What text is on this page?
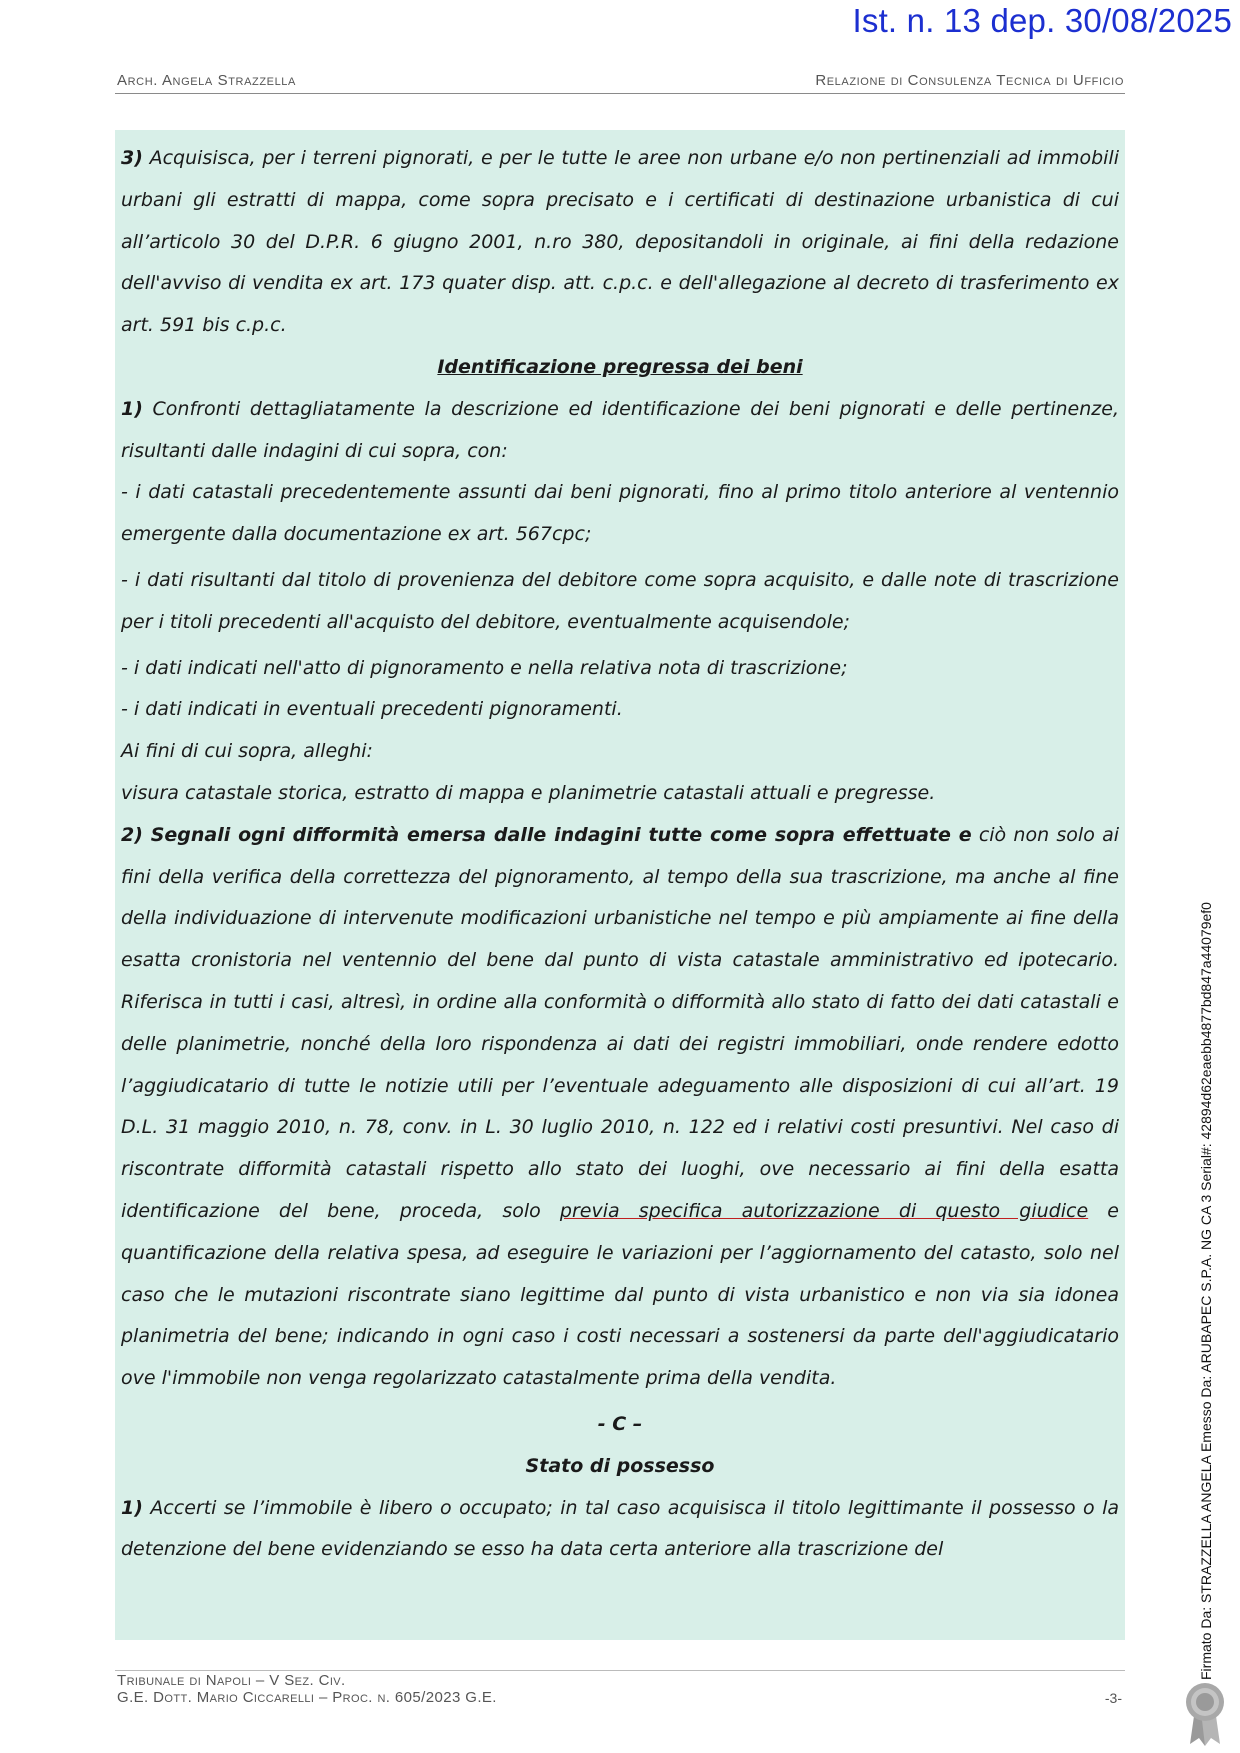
Ist. n. 13 dep. 30/08/2025
Arch. Angela Strazzella	Relazione di Consulenza Tecnica di Ufficio

3) Acquisisca, per i terreni pignorati, e per le tutte le aree non urbane e/o non pertinenziali ad immobili urbani gli estratti di mappa, come sopra precisato e i certificati di destinazione urbanistica di cui all’articolo 30 del D.P.R. 6 giugno 2001, n.ro 380, depositandoli in originale, ai fini della redazione dell'avviso di vendita ex art. 173 quater disp. att. c.p.c. e dell'allegazione al decreto di trasferimento ex art. 591 bis c.p.c.

Identificazione pregressa dei beni

1) Confronti dettagliatamente la descrizione ed identificazione dei beni pignorati e delle pertinenze, risultanti dalle indagini di cui sopra, con:

- i dati catastali precedentemente assunti dai beni pignorati, fino al primo titolo anteriore al ventennio emergente dalla documentazione ex art. 567cpc;

- i dati risultanti dal titolo di provenienza del debitore come sopra acquisito, e dalle note di trascrizione per i titoli precedenti all'acquisto del debitore, eventualmente acquisendole;

- i dati indicati nell'atto di pignoramento e nella relativa nota di trascrizione;

- i dati indicati in eventuali precedenti pignoramenti.

Ai fini di cui sopra, alleghi:

visura catastale storica, estratto di mappa e planimetrie catastali attuali e pregresse.

2) Segnali ogni difformità emersa dalle indagini tutte come sopra effettuate e ciò non solo ai fini della verifica della correttezza del pignoramento, al tempo della sua trascrizione, ma anche al fine della individuazione di intervenute modificazioni urbanistiche nel tempo e più ampiamente ai fine della esatta cronistoria nel ventennio del bene dal punto di vista catastale amministrativo ed ipotecario. Riferisca in tutti i casi, altresì, in ordine alla conformità o difformità allo stato di fatto dei dati catastali e delle planimetrie, nonché della loro rispondenza ai dati dei registri immobiliari, onde rendere edotto l’aggiudicatario di tutte le notizie utili per l’eventuale adeguamento alle disposizioni di cui all’art. 19 D.L. 31 maggio 2010, n. 78, conv. in L. 30 luglio 2010, n. 122 ed i relativi costi presuntivi. Nel caso di riscontrate difformità catastali rispetto allo stato dei luoghi, ove necessario ai fini della esatta identificazione del bene, proceda, solo previa specifica autorizzazione di questo giudice e quantificazione della relativa spesa, ad eseguire le variazioni per l’aggiornamento del catasto, solo nel caso che le mutazioni riscontrate siano legittime dal punto di vista urbanistico e non via sia idonea planimetria del bene; indicando in ogni caso i costi necessari a sostenersi da parte dell'aggiudicatario ove l'immobile non venga regolarizzato catastalmente prima della vendita.

- C –

Stato di possesso

1) Accerti se l’immobile è libero o occupato; in tal caso acquisisca il titolo legittimante il possesso o la detenzione del bene evidenziando se esso ha data certa anteriore alla trascrizione del

Tribunale di Napoli – V Sez. Civ.
G.E. Dott. Mario Ciccarelli – Proc. n. 605/2023 G.E.	-3-
Firmato Da: STRAZZELLA ANGELA Emesso Da: ARUBAPEC S.P.A. NG CA 3 Serial#: 42894d62eaebb4877bd847a44079ef0
